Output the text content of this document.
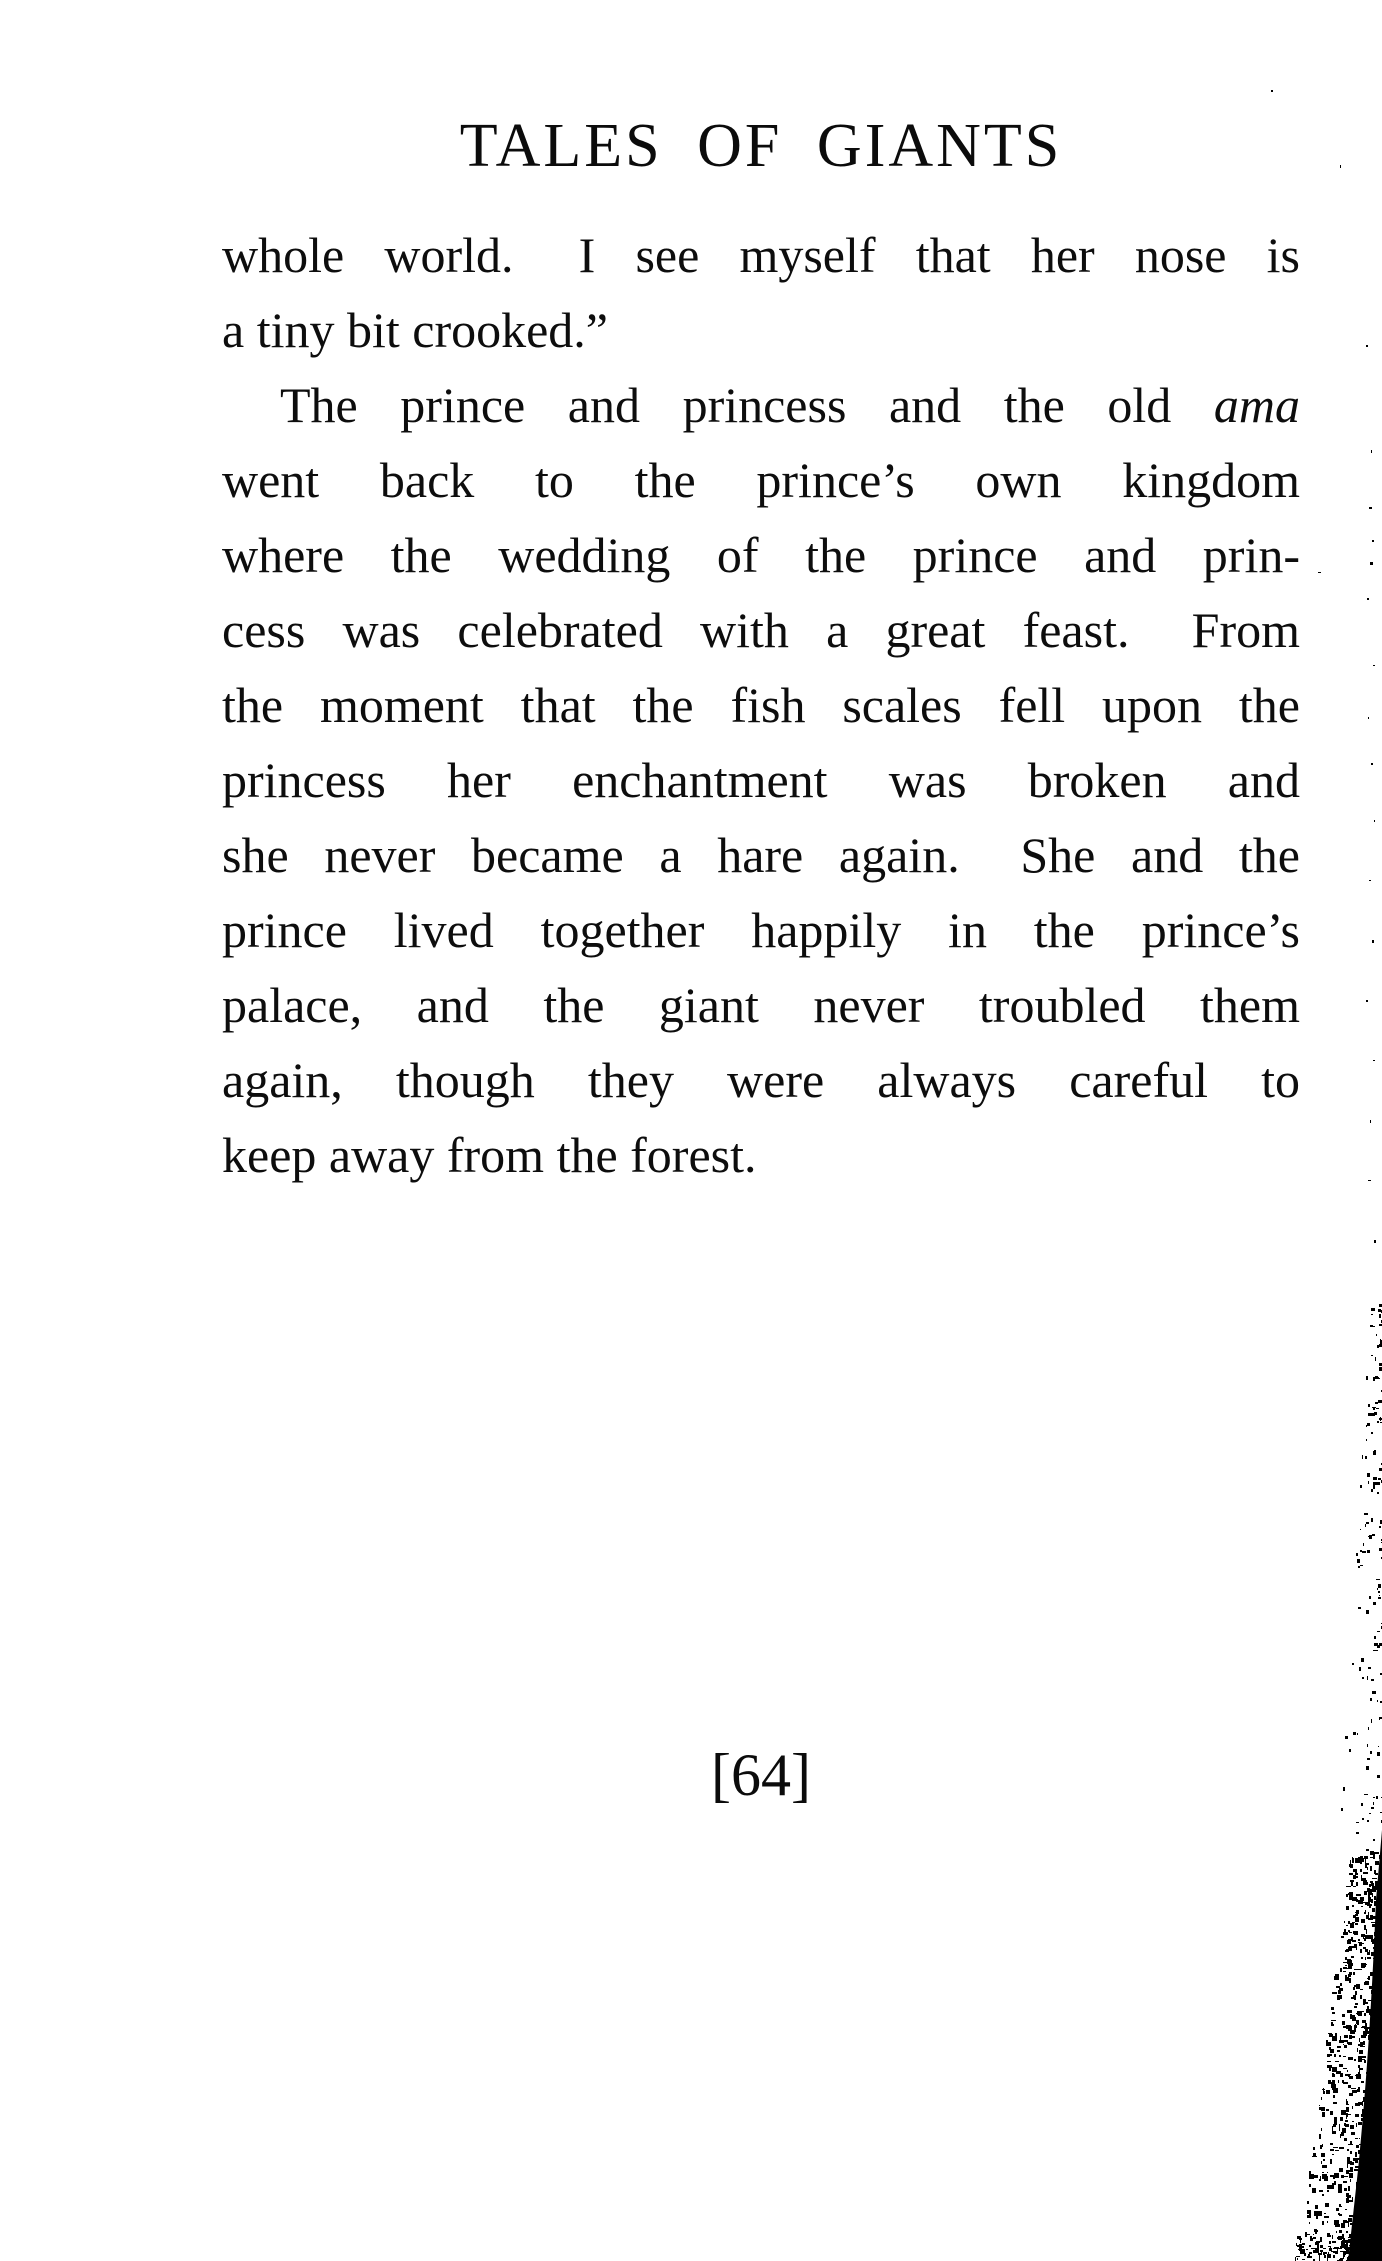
TALES OF GIANTS
whole world.  I see myself that her nose is
a tiny bit crooked.”
The prince and princess and the old ama
went back to the prince’s own kingdom
where the wedding of the prince and prin-
cess was celebrated with a great feast.  From
the moment that the fish scales fell upon the
princess her enchantment was broken and
she never became a hare again.  She and the
prince lived together happily in the prince’s
palace, and the giant never troubled them
again, though they were always careful to
keep away from the forest.
[64]
